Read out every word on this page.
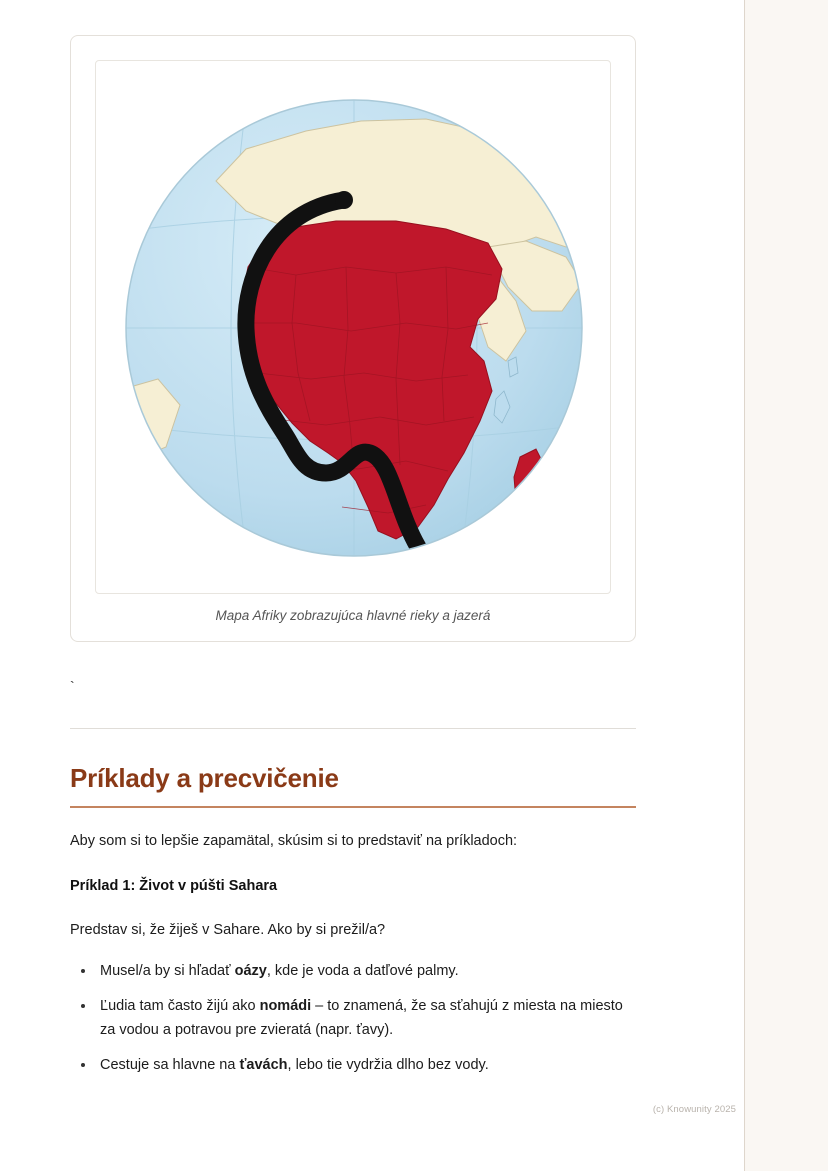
Mapa Afriky zobrazujúca hlavné rieky a jazerá
`
Príklady a precvičenie

Aby som si to lepšie zapamätal, skúsim si to predstaviť na príkladoch:

Príklad 1: Život v púšti Sahara

Predstav si, že žiješ v Sahare. Ako by si prežil/a?

• Musel/a by si hľadať oázy, kde je voda a datľové palmy.
• Ľudia tam často žijú ako nomádi – to znamená, že sa sťahujú z miesta na miesto za vodou a potravou pre zvieratá (napr. ťavy).
• Cestuje sa hlavne na ťavách, lebo tie vydržia dlho bez vody.
(c) Knowunity 2025
